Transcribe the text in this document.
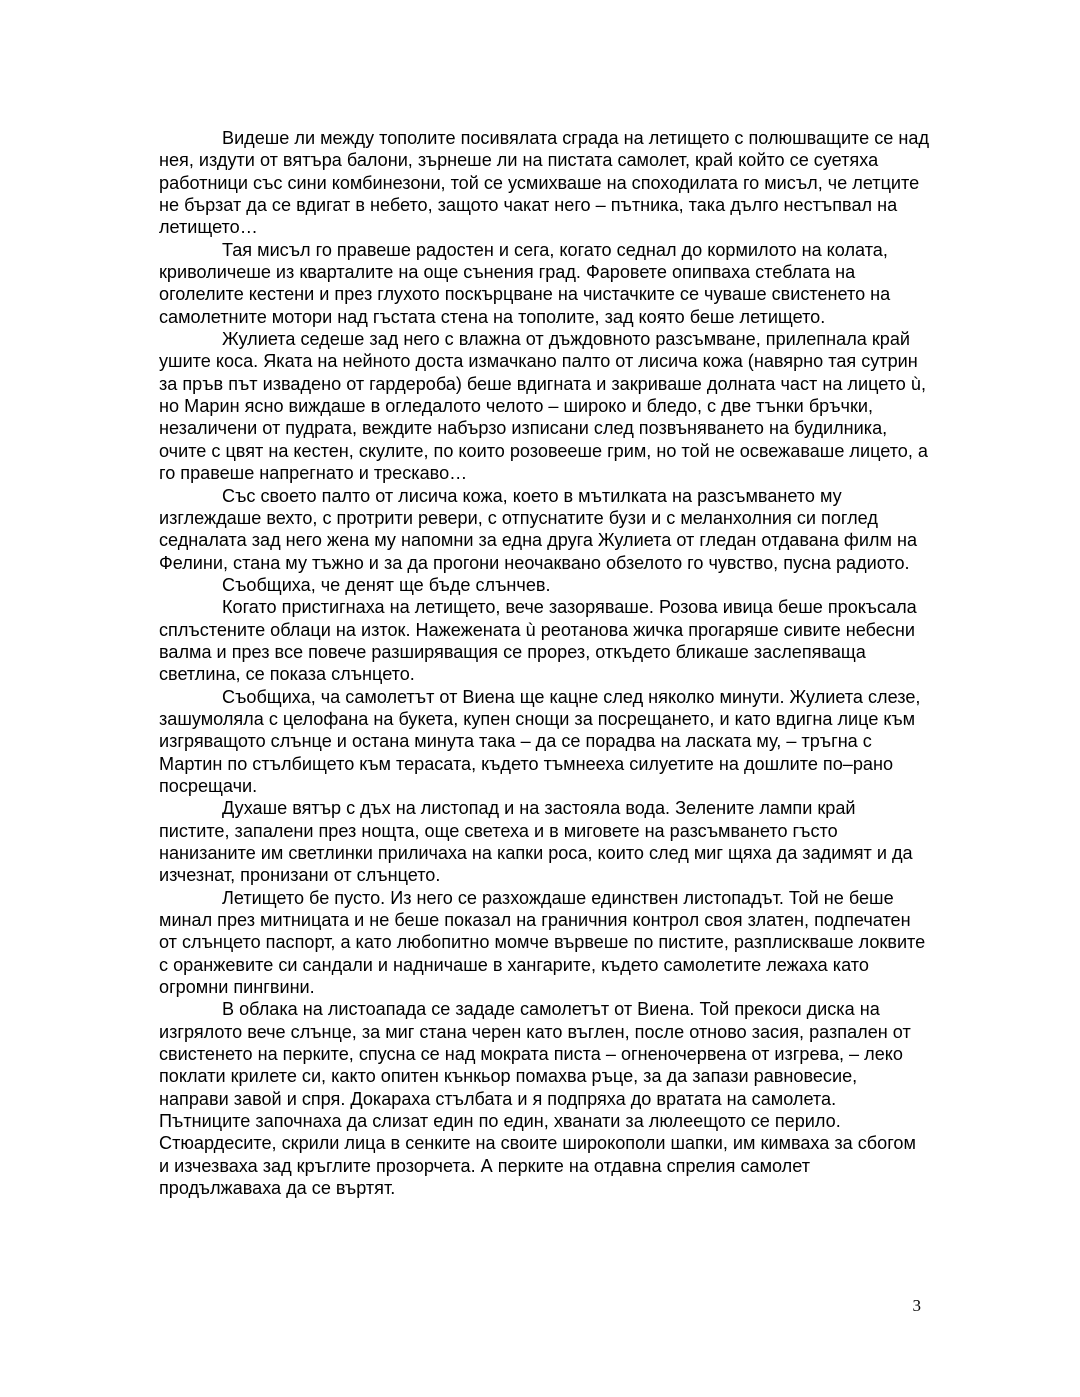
Видеше ли между тополите посивялата сграда на летището с полюшващите се над нея, издути от вятъра балони, зърнеше ли на пистата самолет, край който се суетяха работници със сини комбинезони, той се усмихваше на споходилата го мисъл, че летците не бързат да се вдигат в небето, защото чакат него – пътника, така дълго нестъпвал на летището…

Тая мисъл го правеше радостен и сега, когато седнал до кормилото на колата, криволичеше из кварталите на още сънения град. Фаровете опипваха стеблата на оголелите кестени и през глухото поскърцване на чистачките се чуваше свистенето на самолетните мотори над гъстата стена на тополите, зад която беше летището.

Жулиета седеше зад него с влажна от дъждовното разсъмване, прилепнала край ушите коса. Яката на нейното доста измачкано палто от лисича кожа (навярно тая сутрин за пръв път извадено от гардероба) беше вдигната и закриваше долната част на лицето ù, но Марин ясно виждаше в огледалото челото – широко и бледо, с две тънки бръчки, незаличени от пудрата, веждите набързо изписани след позвъняването на будилника, очите с цвят на кестен, скулите, по които розовееше грим, но той не освежаваше лицето, а го правеше напрегнато и трескаво…

Със своето палто от лисича кожа, което в мътилката на разсъмването му изглеждаше вехто, с протрити ревери, с отпуснатите бузи и с меланхолния си поглед седналата зад него жена му напомни за една друга Жулиета от гледан отдавана филм на Фелини, стана му тъжно и за да прогони неочаквано обзелото го чувство, пусна радиото.

Съобщиха, че денят ще бъде слънчев.

Когато пристигнаха на летището, вече зазоряваше. Розова ивица беше прокъсала сплъстените облаци на изток. Нажежената ù реотанова жичка прогаряше сивите небесни валма и през все повече разширяващия се прорез, откъдето бликаше заслепяваща светлина, се показа слънцето.

Съобщиха, ча самолетът от Виена ще кацне след няколко минути. Жулиета слезе, зашумоляла с целофана на букета, купен снощи за посрещането, и като вдигна лице към изгряващото слънце и остана минута така – да се порадва на ласката му, – тръгна с Мартин по стълбището към терасата, където тъмнееха силуетите на дошлите по–рано посрещачи.

Духаше вятър с дъх на листопад и на застояла вода. Зелените лампи край пистите, запалени през нощта, още светеха и в миговете на разсъмването гъсто нанизаните им светлинки приличаха на капки роса, които след миг щяха да задимят и да изчезнат, пронизани от слънцето.

Летището бе пусто. Из него се разхождаше единствен листопадът. Той не беше минал през митницата и не беше показал на граничния контрол своя златен, подпечатен от слънцето паспорт, а като любопитно момче вървеше по пистите, разплискваше локвите с оранжевите си сандали и надничаше в хангарите, където самолетите лежаха като огромни пингвини.

В облака на листоапада се зададе самолетът от Виена. Той прекоси диска на изгрялото вече слънце, за миг стана черен като въглен, после отново засия, разпален от свистенето на перките, спусна се над мократа писта – огненочервена от изгрева, – леко поклати крилете си, както опитен кънкьор помахва ръце, за да запази равновесие, направи завой и спря. Докараха стълбата и я подпряха до вратата на самолета. Пътниците започнаха да слизат един по един, хванати за люлеещото се перило. Стюардесите, скрили лица в сенките на своите широкополи шапки, им кимваха за сбогом и изчезваха зад кръглите прозорчета. А перките на отдавна спрелия самолет продължаваха да се въртят.

3
